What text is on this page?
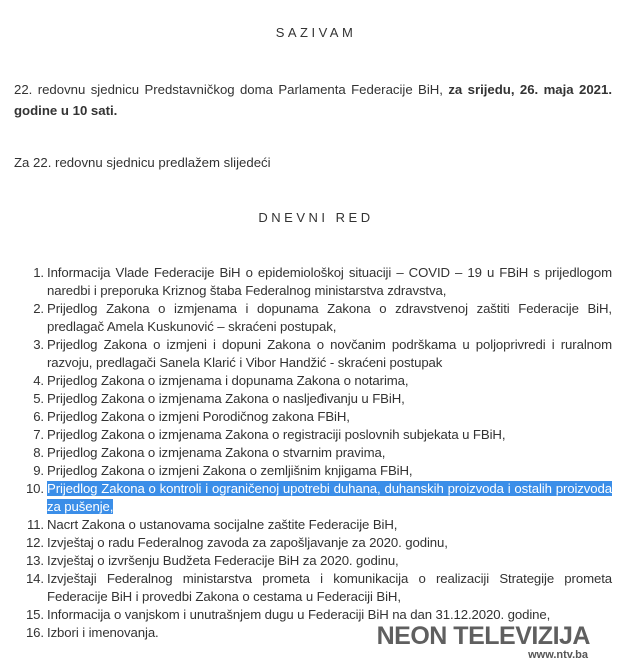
SAZIVAM
22. redovnu sjednicu Predstavničkog doma Parlamenta Federacije BiH, za srijedu, 26. maja 2021. godine u 10 sati.
Za 22. redovnu sjednicu predlažem slijedeći
DNEVNI RED
1. Informacija Vlade Federacije BiH o epidemiološkoj situaciji – COVID – 19 u FBiH s prijedlogom naredbi i preporuka Kriznog štaba Federalnog ministarstva zdravstva,
2. Prijedlog Zakona o izmjenama i dopunama Zakona o zdravstvenoj zaštiti Federacije BiH, predlagač Amela Kuskunović – skraćeni postupak,
3. Prijedlog Zakona o izmjeni i dopuni Zakona o novčanim podrškama u poljoprivredi i ruralnom razvoju, predlagači Sanela Klarić i Vibor Handžić - skraćeni postupak
4. Prijedlog Zakona o izmjenama i dopunama Zakona o notarima,
5. Prijedlog Zakona o izmjenama Zakona o nasljeđivanju u FBiH,
6. Prijedlog Zakona o izmjeni Porodičnog zakona FBiH,
7. Prijedlog Zakona o izmjenama Zakona o registraciji poslovnih subjekata u FBiH,
8. Prijedlog Zakona o izmjenama Zakona o stvarnim pravima,
9. Prijedlog Zakona o izmjeni Zakona o zemljišnim knjigama FBiH,
10. Prijedlog Zakona o kontroli i ograničenoj upotrebi duhana, duhanskih proizvoda i ostalih proizvoda za pušenje,
11. Nacrt Zakona o ustanovama socijalne zaštite Federacije BiH,
12. Izvještaj o radu Federalnog zavoda za zapošljavanje za 2020. godinu,
13. Izvještaj o izvršenju Budžeta Federacije BiH za 2020. godinu,
14. Izvještaji Federalnog ministarstva prometa i komunikacija o realizaciji Strategije prometa Federacije BiH i provedbi Zakona o cestama u Federaciji BiH,
15. Informacija o vanjskom i unutrašnjem dugu u Federaciji BiH na dan 31.12.2020. godine,
16. Izbori i imenovanja.	NEON TELEVIZIJA
www.ntv.ba
